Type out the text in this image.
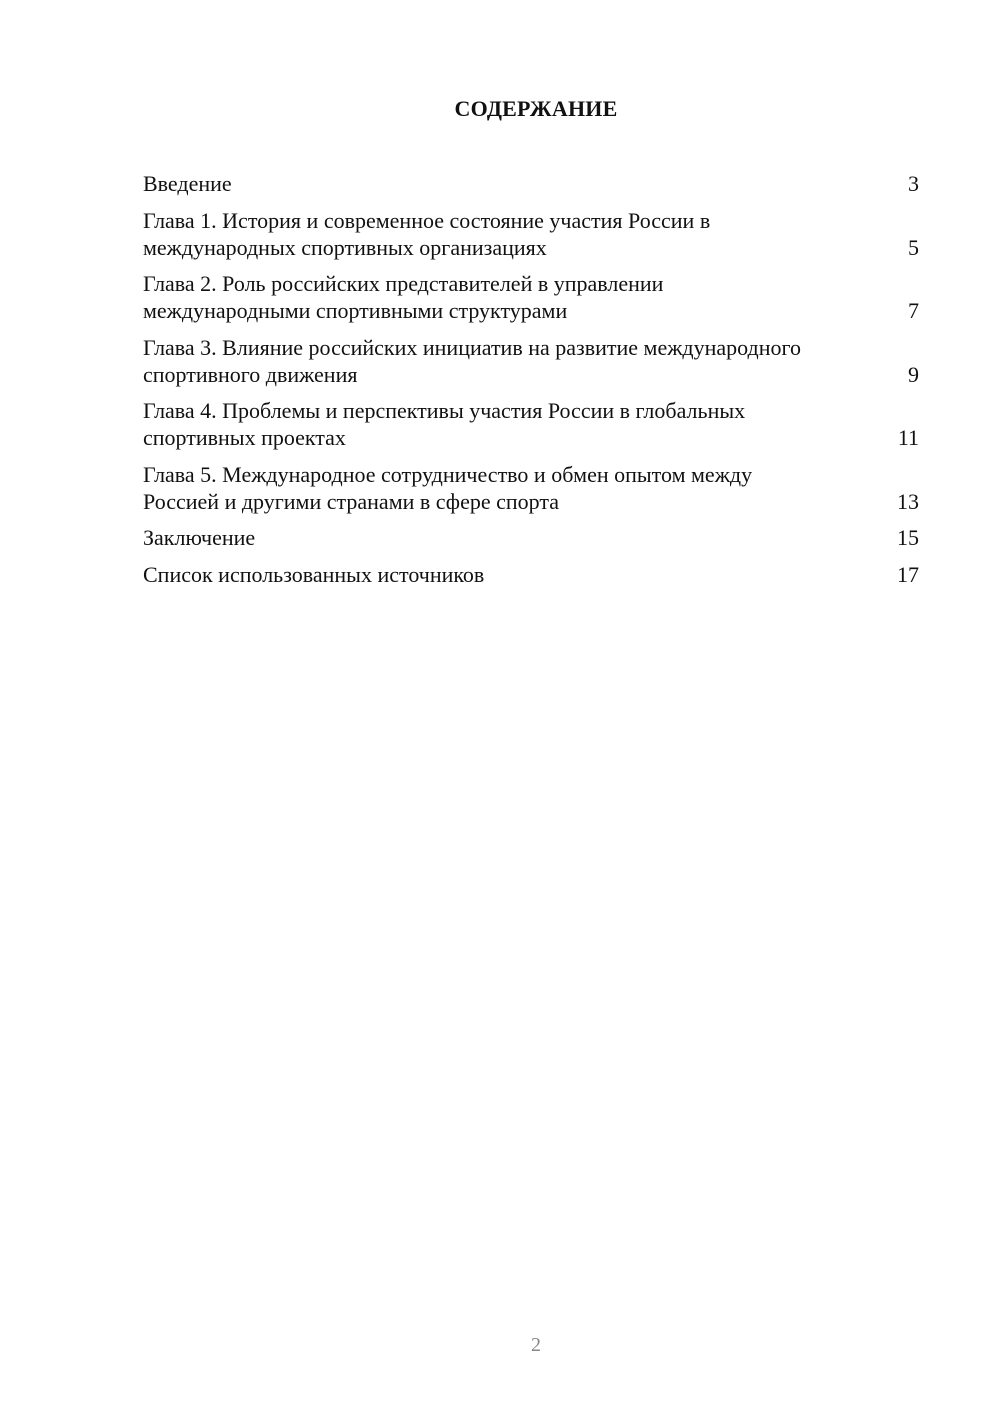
СОДЕРЖАНИЕ
Введение	3
Глава 1. История и современное состояние участия России в международных спортивных организациях	5
Глава 2. Роль российских представителей в управлении международными спортивными структурами	7
Глава 3. Влияние российских инициатив на развитие международного спортивного движения	9
Глава 4. Проблемы и перспективы участия России в глобальных спортивных проектах	11
Глава 5. Международное сотрудничество и обмен опытом между Россией и другими странами в сфере спорта	13
Заключение	15
Список использованных источников	17
2
